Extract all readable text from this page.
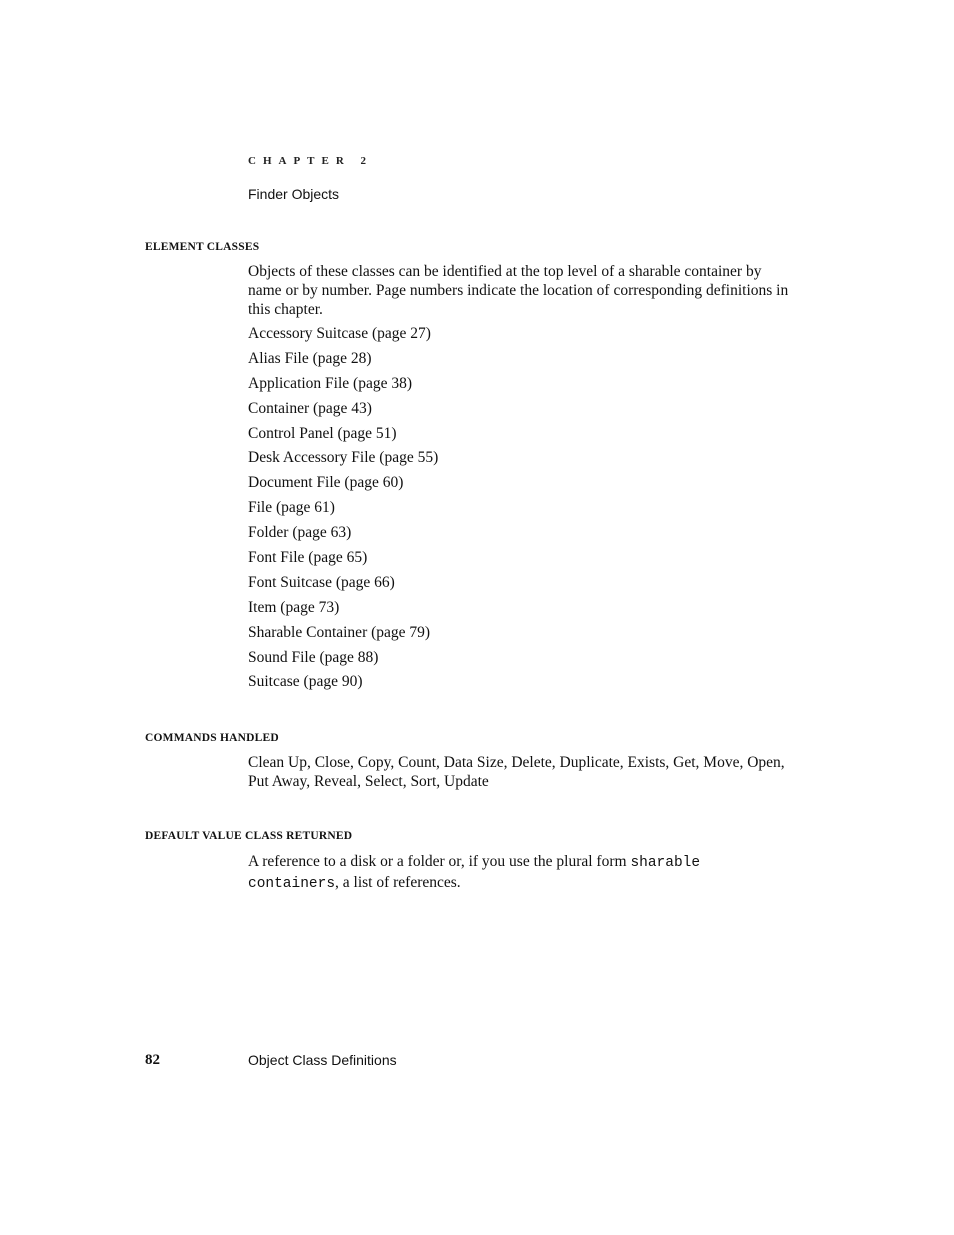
CHAPTER 2
Finder Objects
ELEMENT CLASSES
Objects of these classes can be identified at the top level of a sharable container by name or by number. Page numbers indicate the location of corresponding definitions in this chapter.
Accessory Suitcase (page 27)
Alias File (page 28)
Application File (page 38)
Container (page 43)
Control Panel (page 51)
Desk Accessory File (page 55)
Document File (page 60)
File (page 61)
Folder (page 63)
Font File (page 65)
Font Suitcase (page 66)
Item (page 73)
Sharable Container (page 79)
Sound File (page 88)
Suitcase (page 90)
COMMANDS HANDLED
Clean Up, Close, Copy, Count, Data Size, Delete, Duplicate, Exists, Get, Move, Open, Put Away, Reveal, Select, Sort, Update
DEFAULT VALUE CLASS RETURNED
A reference to a disk or a folder or, if you use the plural form sharable containers, a list of references.
82	Object Class Definitions
